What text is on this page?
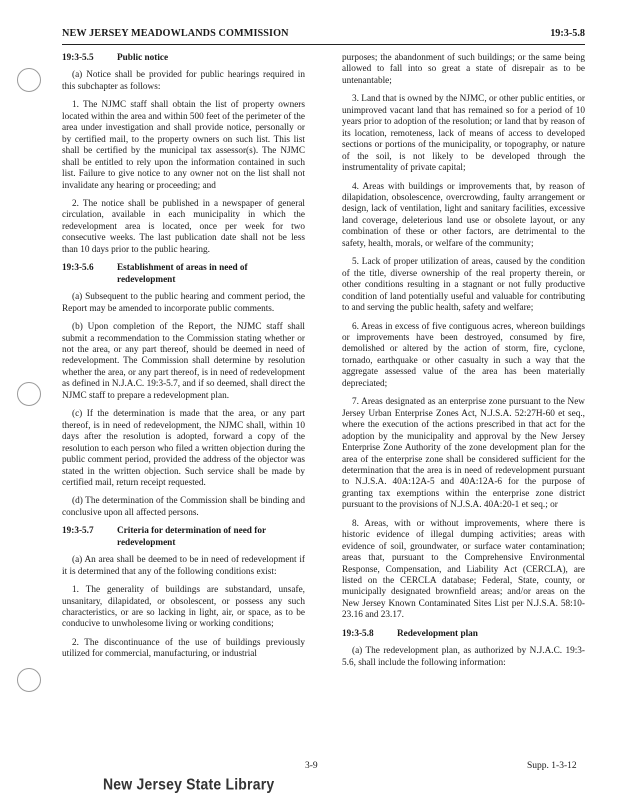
NEW JERSEY MEADOWLANDS COMMISSION	19:3-5.8
19:3-5.5	Public notice

(a) Notice shall be provided for public hearings required in this subchapter as follows:

1. The NJMC staff shall obtain the list of property owners located within the area and within 500 feet of the perimeter of the area under investigation and shall provide notice, personally or by certified mail, to the property owners on such list. This list shall be certified by the municipal tax assessor(s). The NJMC shall be entitled to rely upon the information contained in such list. Failure to give notice to any owner not on the list shall not invalidate any hearing or proceeding; and

2. The notice shall be published in a newspaper of general circulation, available in each municipality in which the redevelopment area is located, once per week for two consecutive weeks. The last publication date shall not be less than 10 days prior to the public hearing.

19:3-5.6	Establishment of areas in need of redevelopment

(a) Subsequent to the public hearing and comment period, the Report may be amended to incorporate public comments.

(b) Upon completion of the Report, the NJMC staff shall submit a recommendation to the Commission stating whether or not the area, or any part thereof, should be deemed in need of redevelopment. The Commission shall determine by resolution whether the area, or any part thereof, is in need of redevelopment as defined in N.J.A.C. 19:3-5.7, and if so deemed, shall direct the NJMC staff to prepare a redevelopment plan.

(c) If the determination is made that the area, or any part thereof, is in need of redevelopment, the NJMC shall, within 10 days after the resolution is adopted, forward a copy of the resolution to each person who filed a written objection during the public comment period, provided the address of the objector was stated in the written objection. Such service shall be made by certified mail, return receipt requested.

(d) The determination of the Commission shall be binding and conclusive upon all affected persons.

19:3-5.7	Criteria for determination of need for redevelopment

(a) An area shall be deemed to be in need of redevelopment if it is determined that any of the following conditions exist:

1. The generality of buildings are substandard, unsafe, unsanitary, dilapidated, or obsolescent, or possess any such characteristics, or are so lacking in light, air, or space, as to be conducive to unwholesome living or working conditions;

2. The discontinuance of the use of buildings previously utilized for commercial, manufacturing, or industrial

purposes; the abandonment of such buildings; or the same being allowed to fall into so great a state of disrepair as to be untenantable;

3. Land that is owned by the NJMC, or other public entities, or unimproved vacant land that has remained so for a period of 10 years prior to adoption of the resolution; or land that by reason of its location, remoteness, lack of means of access to developed sections or portions of the municipality, or topography, or nature of the soil, is not likely to be developed through the instrumentality of private capital;

4. Areas with buildings or improvements that, by reason of dilapidation, obsolescence, overcrowding, faulty arrangement or design, lack of ventilation, light and sanitary facilities, excessive land coverage, deleterious land use or obsolete layout, or any combination of these or other factors, are detrimental to the safety, health, morals, or welfare of the community;

5. Lack of proper utilization of areas, caused by the condition of the title, diverse ownership of the real property therein, or other conditions resulting in a stagnant or not fully productive condition of land potentially useful and valuable for contributing to and serving the public health, safety and welfare;

6. Areas in excess of five contiguous acres, whereon buildings or improvements have been destroyed, consumed by fire, demolished or altered by the action of storm, fire, cyclone, tornado, earthquake or other casualty in such a way that the aggregate assessed value of the area has been materially depreciated;

7. Areas designated as an enterprise zone pursuant to the New Jersey Urban Enterprise Zones Act, N.J.S.A. 52:27H-60 et seq., where the execution of the actions prescribed in that act for the adoption by the municipality and approval by the New Jersey Enterprise Zone Authority of the zone development plan for the area of the enterprise zone shall be considered sufficient for the determination that the area is in need of redevelopment pursuant to N.J.S.A. 40A:12A-5 and 40A:12A-6 for the purpose of granting tax exemptions within the enterprise zone district pursuant to the provisions of N.J.S.A. 40A:20-1 et seq.; or

8. Areas, with or without improvements, where there is historic evidence of illegal dumping activities; areas with evidence of soil, groundwater, or surface water contamination; areas that, pursuant to the Comprehensive Environmental Response, Compensation, and Liability Act (CERCLA), are listed on the CERCLA database; Federal, State, county, or municipally designated brownfield areas; and/or areas on the New Jersey Known Contaminated Sites List per N.J.S.A. 58:10-23.16 and 23.17.

19:3-5.8	Redevelopment plan

(a) The redevelopment plan, as authorized by N.J.A.C. 19:3-5.6, shall include the following information:

3-9	Supp. 1-3-12
New Jersey State Library
